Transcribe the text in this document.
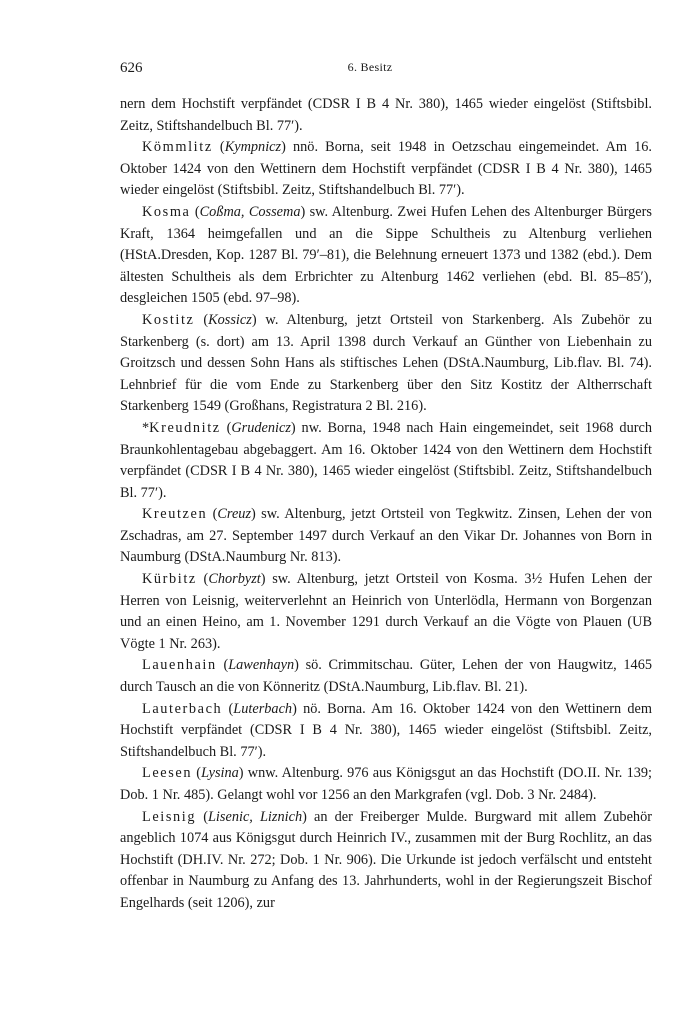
626	6. Besitz

nern dem Hochstift verpfändet (CDSR I B 4 Nr. 380), 1465 wieder eingelöst (Stiftsbibl. Zeitz, Stiftshandelbuch Bl. 77′).

Kömmlitz (Kympnicz) nnö. Borna, seit 1948 in Oetzschau eingemeindet. Am 16. Oktober 1424 von den Wettinern dem Hochstift verpfändet (CDSR I B 4 Nr. 380), 1465 wieder eingelöst (Stiftsbibl. Zeitz, Stiftshandelbuch Bl. 77′).

Kosma (Coßma, Cossema) sw. Altenburg. Zwei Hufen Lehen des Altenburger Bürgers Kraft, 1364 heimgefallen und an die Sippe Schultheis zu Altenburg verliehen (HStA.Dresden, Kop. 1287 Bl. 79′–81), die Belehnung erneuert 1373 und 1382 (ebd.). Dem ältesten Schultheis als dem Erbrichter zu Altenburg 1462 verliehen (ebd. Bl. 85–85′), desgleichen 1505 (ebd. 97–98).

Kostitz (Kossicz) w. Altenburg, jetzt Ortsteil von Starkenberg. Als Zubehör zu Starkenberg (s. dort) am 13. April 1398 durch Verkauf an Günther von Liebenhain zu Groitzsch und dessen Sohn Hans als stiftisches Lehen (DStA.Naumburg, Lib.flav. Bl. 74). Lehnbrief für die vom Ende zu Starkenberg über den Sitz Kostitz der Altherrschaft Starkenberg 1549 (Großhans, Registratura 2 Bl. 216).

*Kreudnitz (Grudenicz) nw. Borna, 1948 nach Hain eingemeindet, seit 1968 durch Braunkohlentagebau abgebaggert. Am 16. Oktober 1424 von den Wettinern dem Hochstift verpfändet (CDSR I B 4 Nr. 380), 1465 wieder eingelöst (Stiftsbibl. Zeitz, Stiftshandelbuch Bl. 77′).

Kreutzen (Creuz) sw. Altenburg, jetzt Ortsteil von Tegkwitz. Zinsen, Lehen der von Zschadras, am 27. September 1497 durch Verkauf an den Vikar Dr. Johannes von Born in Naumburg (DStA.Naumburg Nr. 813).

Kürbitz (Chorbyzt) sw. Altenburg, jetzt Ortsteil von Kosma. 3½ Hufen Lehen der Herren von Leisnig, weiterverlehnt an Heinrich von Unterlödla, Hermann von Borgenzan und an einen Heino, am 1. November 1291 durch Verkauf an die Vögte von Plauen (UB Vögte 1 Nr. 263).

Lauenhain (Lawenhayn) sö. Crimmitschau. Güter, Lehen der von Haugwitz, 1465 durch Tausch an die von Könneritz (DStA.Naumburg, Lib.flav. Bl. 21).

Lauterbach (Luterbach) nö. Borna. Am 16. Oktober 1424 von den Wettinern dem Hochstift verpfändet (CDSR I B 4 Nr. 380), 1465 wieder eingelöst (Stiftsbibl. Zeitz, Stiftshandelbuch Bl. 77′).

Leesen (Lysina) wnw. Altenburg. 976 aus Königsgut an das Hochstift (DO.II. Nr. 139; Dob. 1 Nr. 485). Gelangt wohl vor 1256 an den Markgrafen (vgl. Dob. 3 Nr. 2484).

Leisnig (Lisenic, Liznich) an der Freiberger Mulde. Burgward mit allem Zubehör angeblich 1074 aus Königsgut durch Heinrich IV., zusammen mit der Burg Rochlitz, an das Hochstift (DH.IV. Nr. 272; Dob. 1 Nr. 906). Die Urkunde ist jedoch verfälscht und entsteht offenbar in Naumburg zu Anfang des 13. Jahrhunderts, wohl in der Regierungszeit Bischof Engelhards (seit 1206), zur
